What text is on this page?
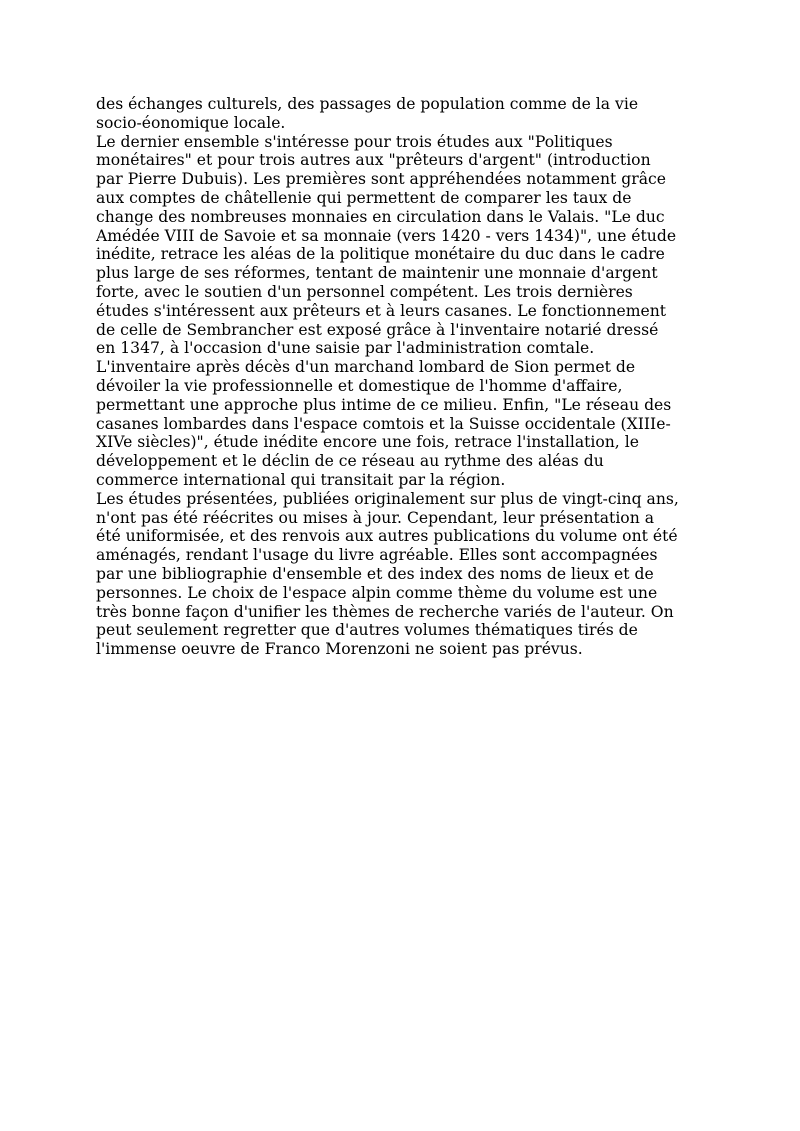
des échanges culturels, des passages de population comme de la vie
socio-éonomique locale.
Le dernier ensemble s'intéresse pour trois études aux "Politiques
monétaires" et pour trois autres aux "prêteurs d'argent" (introduction
par Pierre Dubuis). Les premières sont appréhendées notamment grâce
aux comptes de châtellenie qui permettent de comparer les taux de
change des nombreuses monnaies en circulation dans le Valais. "Le duc
Amédée VIII de Savoie et sa monnaie (vers 1420 - vers 1434)", une étude
inédite, retrace les aléas de la politique monétaire du duc dans le cadre
plus large de ses réformes, tentant de maintenir une monnaie d'argent
forte, avec le soutien d'un personnel compétent. Les trois dernières
études s'intéressent aux prêteurs et à leurs casanes. Le fonctionnement
de celle de Sembrancher est exposé grâce à l'inventaire notarié dressé
en 1347, à l'occasion d'une saisie par l'administration comtale.
L'inventaire après décès d'un marchand lombard de Sion permet de
dévoiler la vie professionnelle et domestique de l'homme d'affaire,
permettant une approche plus intime de ce milieu. Enfin, "Le réseau des
casanes lombardes dans l'espace comtois et la Suisse occidentale (XIIIe-
XIVe siècles)", étude inédite encore une fois, retrace l'installation, le
développement et le déclin de ce réseau au rythme des aléas du
commerce international qui transitait par la région.
Les études présentées, publiées originalement sur plus de vingt-cinq ans,
n'ont pas été réécrites ou mises à jour. Cependant, leur présentation a
été uniformisée, et des renvois aux autres publications du volume ont été
aménagés, rendant l'usage du livre agréable. Elles sont accompagnées
par une bibliographie d'ensemble et des index des noms de lieux et de
personnes. Le choix de l'espace alpin comme thème du volume est une
très bonne façon d'unifier les thèmes de recherche variés de l'auteur. On
peut seulement regretter que d'autres volumes thématiques tirés de
l'immense oeuvre de Franco Morenzoni ne soient pas prévus.
